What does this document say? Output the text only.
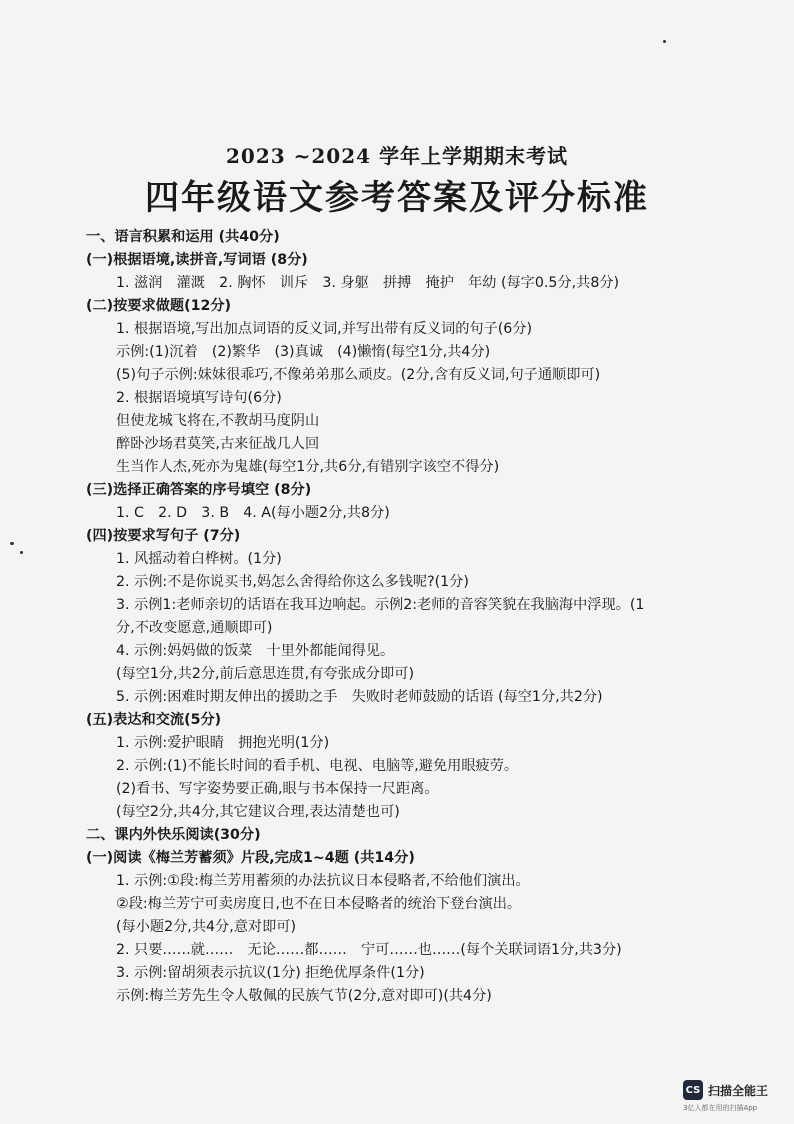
2023 ~2024 学年上学期期末考试
四年级语文参考答案及评分标准
一、语言积累和运用 (共40分)
(一)根据语境,读拼音,写词语 (8分)
1. 滋润　灌溉　2. 胸怀　训斥　3. 身躯　拼搏　掩护　年幼 (每字0.5分,共8分)
(二)按要求做题(12分)
1. 根据语境,写出加点词语的反义词,并写出带有反义词的句子(6分)
示例:(1)沉着　(2)繁华　(3)真诚　(4)懒惰(每空1分,共4分)
(5)句子示例:妹妹很乖巧,不像弟弟那么顽皮。(2分,含有反义词,句子通顺即可)
2. 根据语境填写诗句(6分)
但使龙城飞将在,不教胡马度阴山
醉卧沙场君莫笑,古来征战几人回
生当作人杰,死亦为鬼雄(每空1分,共6分,有错别字该空不得分)
(三)选择正确答案的序号填空 (8分)
1. C　2. D　3. B　4. A(每小题2分,共8分)
(四)按要求写句子 (7分)
1. 风摇动着白桦树。(1分)
2. 示例:不是你说买书,妈怎么舍得给你这么多钱呢?(1分)
3. 示例1:老师亲切的话语在我耳边响起。示例2:老师的音容笑貌在我脑海中浮现。(1
分,不改变愿意,通顺即可)
4. 示例:妈妈做的饭菜　十里外都能闻得见。
(每空1分,共2分,前后意思连贯,有夸张成分即可)
5. 示例:困难时期友伸出的援助之手　失败时老师鼓励的话语 (每空1分,共2分)
(五)表达和交流(5分)
1. 示例:爱护眼睛　拥抱光明(1分)
2. 示例:(1)不能长时间的看手机、电视、电脑等,避免用眼疲劳。
(2)看书、写字姿势要正确,眼与书本保持一尺距离。
(每空2分,共4分,其它建议合理,表达清楚也可)
二、课内外快乐阅读(30分)
(一)阅读《梅兰芳蓄须》片段,完成1~4题 (共14分)
1. 示例:①段:梅兰芳用蓄须的办法抗议日本侵略者,不给他们演出。
②段:梅兰芳宁可卖房度日,也不在日本侵略者的统治下登台演出。
(每小题2分,共4分,意对即可)
2. 只要……就……　无论……都……　宁可……也……(每个关联词语1分,共3分)
3. 示例:留胡须表示抗议(1分) 拒绝优厚条件(1分)
示例:梅兰芳先生令人敬佩的民族气节(2分,意对即可)(共4分)
CS 扫描全能王
3亿人都在用的扫描App
